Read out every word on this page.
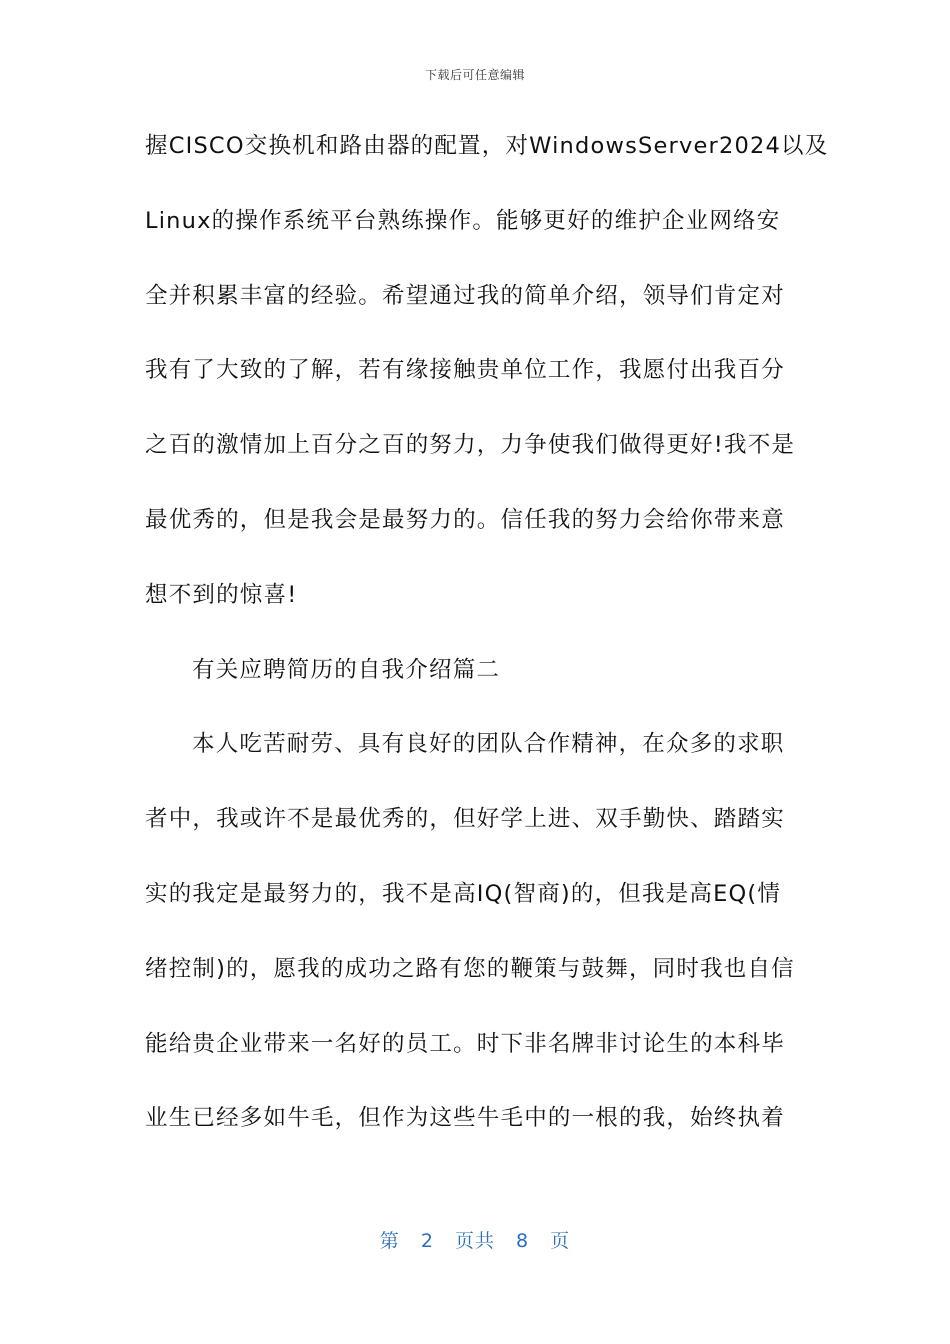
下载后可任意编辑
握CISCO交换机和路由器的配置，对WindowsServer2024以及
Linux的操作系统平台熟练操作。能够更好的维护企业网络安
全并积累丰富的经验。希望通过我的简单介绍，领导们肯定对
我有了大致的了解，若有缘接触贵单位工作，我愿付出我百分
之百的激情加上百分之百的努力，力争使我们做得更好!我不是
最优秀的，但是我会是最努力的。信任我的努力会给你带来意
想不到的惊喜!
有关应聘简历的自我介绍篇二
本人吃苦耐劳、具有良好的团队合作精神，在众多的求职
者中，我或许不是最优秀的，但好学上进、双手勤快、踏踏实
实的我定是最努力的，我不是高IQ(智商)的，但我是高EQ(情
绪控制)的，愿我的成功之路有您的鞭策与鼓舞，同时我也自信
能给贵企业带来一名好的员工。时下非名牌非讨论生的本科毕
业生已经多如牛毛，但作为这些牛毛中的一根的我，始终执着
第 2 页共 8 页
